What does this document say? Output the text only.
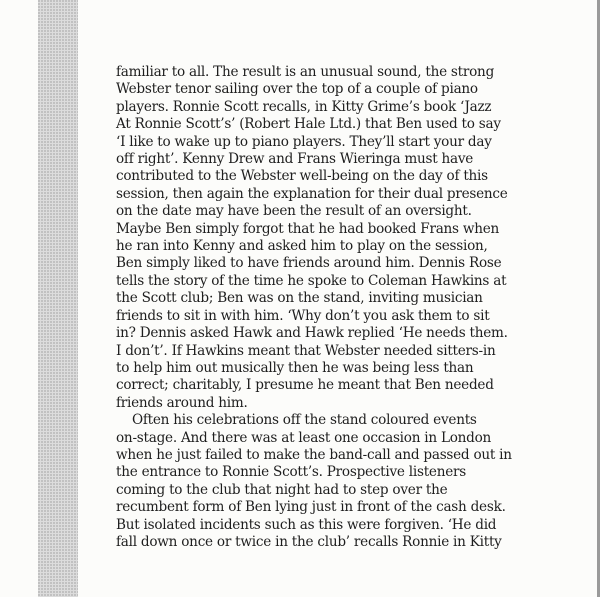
familiar to all. The result is an unusual sound, the strong
Webster tenor sailing over the top of a couple of piano
players. Ronnie Scott recalls, in Kitty Grime’s book ‘Jazz
At Ronnie Scott’s’ (Robert Hale Ltd.) that Ben used to say
‘I like to wake up to piano players. They’ll start your day
off right’. Kenny Drew and Frans Wieringa must have
contributed to the Webster well-being on the day of this
session, then again the explanation for their dual presence
on the date may have been the result of an oversight.
Maybe Ben simply forgot that he had booked Frans when
he ran into Kenny and asked him to play on the session,
Ben simply liked to have friends around him. Dennis Rose
tells the story of the time he spoke to Coleman Hawkins at
the Scott club; Ben was on the stand, inviting musician
friends to sit in with him. ‘Why don’t you ask them to sit
in? Dennis asked Hawk and Hawk replied ‘He needs them.
I don’t’. If Hawkins meant that Webster needed sitters-in
to help him out musically then he was being less than
correct; charitably, I presume he meant that Ben needed
friends around him.

Often his celebrations off the stand coloured events
on-stage. And there was at least one occasion in London
when he just failed to make the band-call and passed out in
the entrance to Ronnie Scott’s. Prospective listeners
coming to the club that night had to step over the
recumbent form of Ben lying just in front of the cash desk.
But isolated incidents such as this were forgiven. ‘He did
fall down once or twice in the club’ recalls Ronnie in Kitty
